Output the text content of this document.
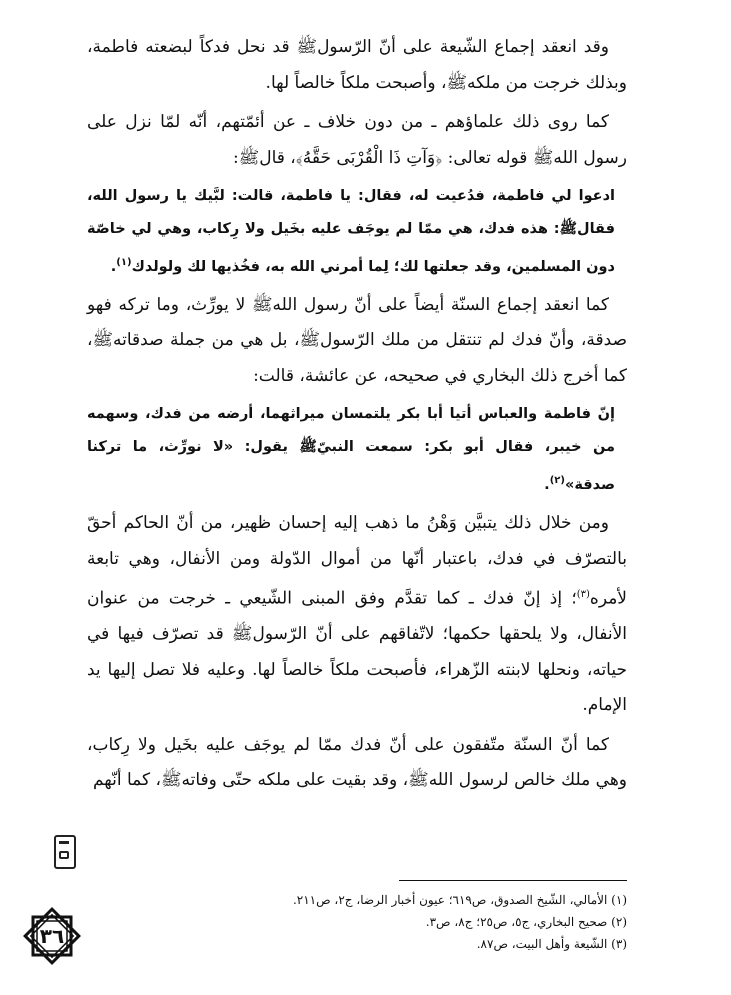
وقد انعقد إجماع الشّيعة على أنّ الرّسولﷺ قد نحل فدكاً لبضعته فاطمة، وبذلك خرجت من ملكهﷺ، وأصبحت ملكاً خالصاً لها.

كما روى ذلك علماؤهم ـ من دون خلاف ـ عن أئمّتهم، أنّه لمّا نزل على رسول اللهﷺ قوله تعالى: ﴿وَآتِ ذَا الْقُرْبَى حَقَّهُ﴾، قالﷺ:

ادعوا لي فاطمة، فدُعيت له، فقال: يا فاطمة، قالت: لبَّيك يا رسول الله، فقالﷺ: هذه فدك، هي ممّا لم يوجَف عليه بخَيل ولا رِكاب، وهي لي خاصّة دون المسلمين، وقد جعلتها لك؛ لِما أمرني الله به، فخُذيها لك ولولدك$^{(١)}$.

كما انعقد إجماع السنّة أيضاً على أنّ رسول اللهﷺ لا يورِّث، وما تركه فهو صدقة، وأنّ فدك لم تنتقل من ملك الرّسولﷺ، بل هي من جملة صدقاتهﷺ، كما أخرج ذلك البخاري في صحيحه، عن عائشة، قالت:

إنّ فاطمة والعباس أتيا أبا بكر يلتمسان ميراثهما، أرضه من فدك، وسهمه من خيبر، فقال أبو بكر: سمعت النبيّﷺ يقول: «لا نورِّث، ما تركنا صدقة»$^{(٢)}$.

ومن خلال ذلك يتبيَّن وَهْنُ ما ذهب إليه إحسان ظهير، من أنّ الحاكم أحقّ بالتصرّف في فدك، باعتبار أنّها من أموال الدّولة ومن الأنفال، وهي تابعة لأمره$^{(٣)}$؛ إذ إنّ فدك ـ كما تقدَّم وفق المبنى الشّيعي ـ خرجت من عنوان الأنفال، ولا يلحقها حكمها؛ لاتّفاقهم على أنّ الرّسولﷺ قد تصرّف فيها في حياته، ونحلها لابنته الزّهراء، فأصبحت ملكاً خالصاً لها. وعليه فلا تصل إليها يد الإمام.

كما أنّ السنّة متّفقون على أنّ فدك ممّا لم يوجَف عليه بخَيل ولا رِكاب، وهي ملك خالص لرسول اللهﷺ، وقد بقيت على ملكه حتّى وفاتهﷺ، كما أنّهم

(١) الأمالي، الشّيخ الصدوق، ص٦١٩؛ عيون أخبار الرضا، ج٢، ص٢١١.

(٢) صحيح البخاري، ج٥، ص٢٥؛ ج٨، ص٣.

(٣) الشّيعة وأهل البيت، ص٨٧.

٣٦
